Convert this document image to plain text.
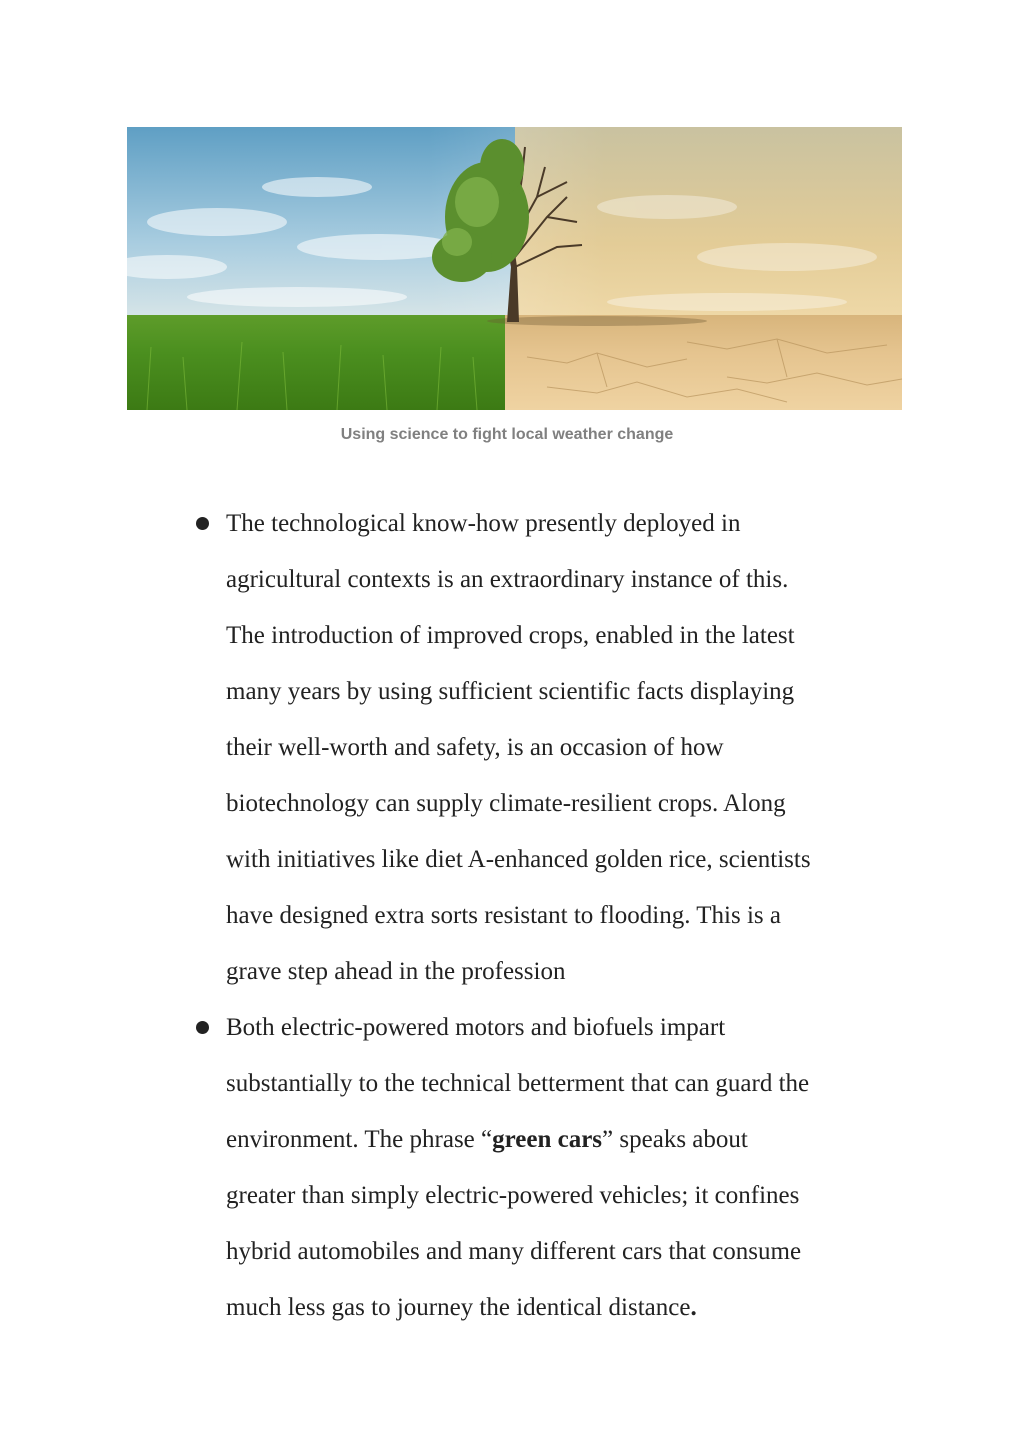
Using science to fight local weather change

The technological know-how presently deployed in
agricultural contexts is an extraordinary instance of this.
The introduction of improved crops, enabled in the latest
many years by using sufficient scientific facts displaying
their well-worth and safety, is an occasion of how
biotechnology can supply climate-resilient crops. Along
with initiatives like diet A-enhanced golden rice, scientists
have designed extra sorts resistant to flooding. This is a
grave step ahead in the profession
Both electric-powered motors and biofuels impart
substantially to the technical betterment that can guard the
environment. The phrase “green cars” speaks about
greater than simply electric-powered vehicles; it confines
hybrid automobiles and many different cars that consume
much less gas to journey the identical distance.
